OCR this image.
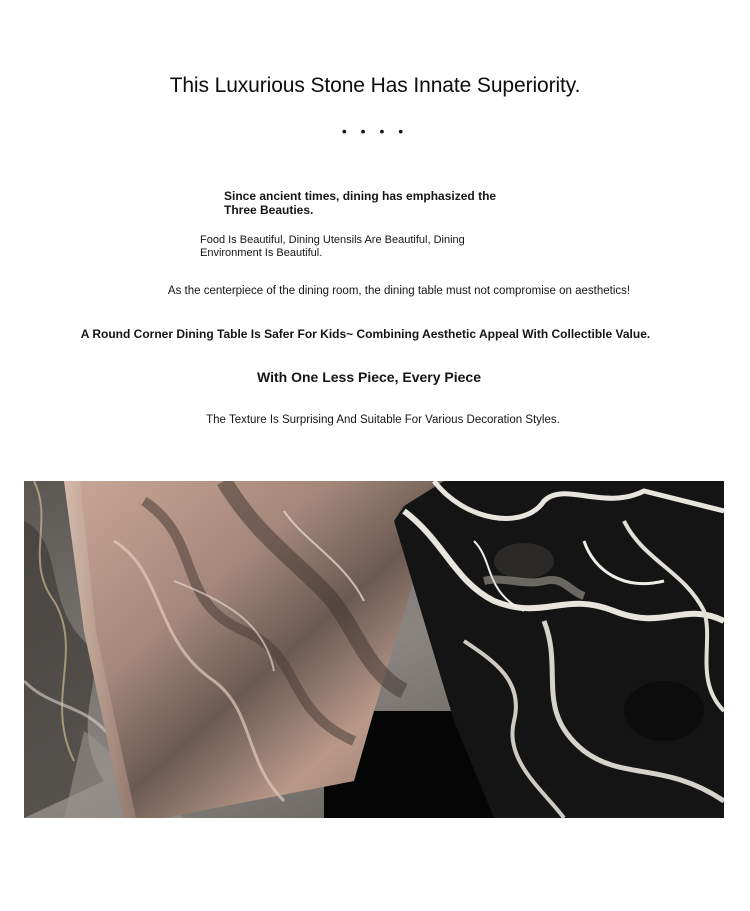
This Luxurious Stone Has Innate Superiority.
• • • •
Since ancient times, dining has emphasized the Three Beauties.
Food Is Beautiful, Dining Utensils Are Beautiful, Dining Environment Is Beautiful.
As the centerpiece of the dining room, the dining table must not compromise on aesthetics!
A Round Corner Dining Table Is Safer For Kids~ Combining Aesthetic Appeal With Collectible Value.
With One Less Piece, Every Piece
The Texture Is Surprising And Suitable For Various Decoration Styles.
